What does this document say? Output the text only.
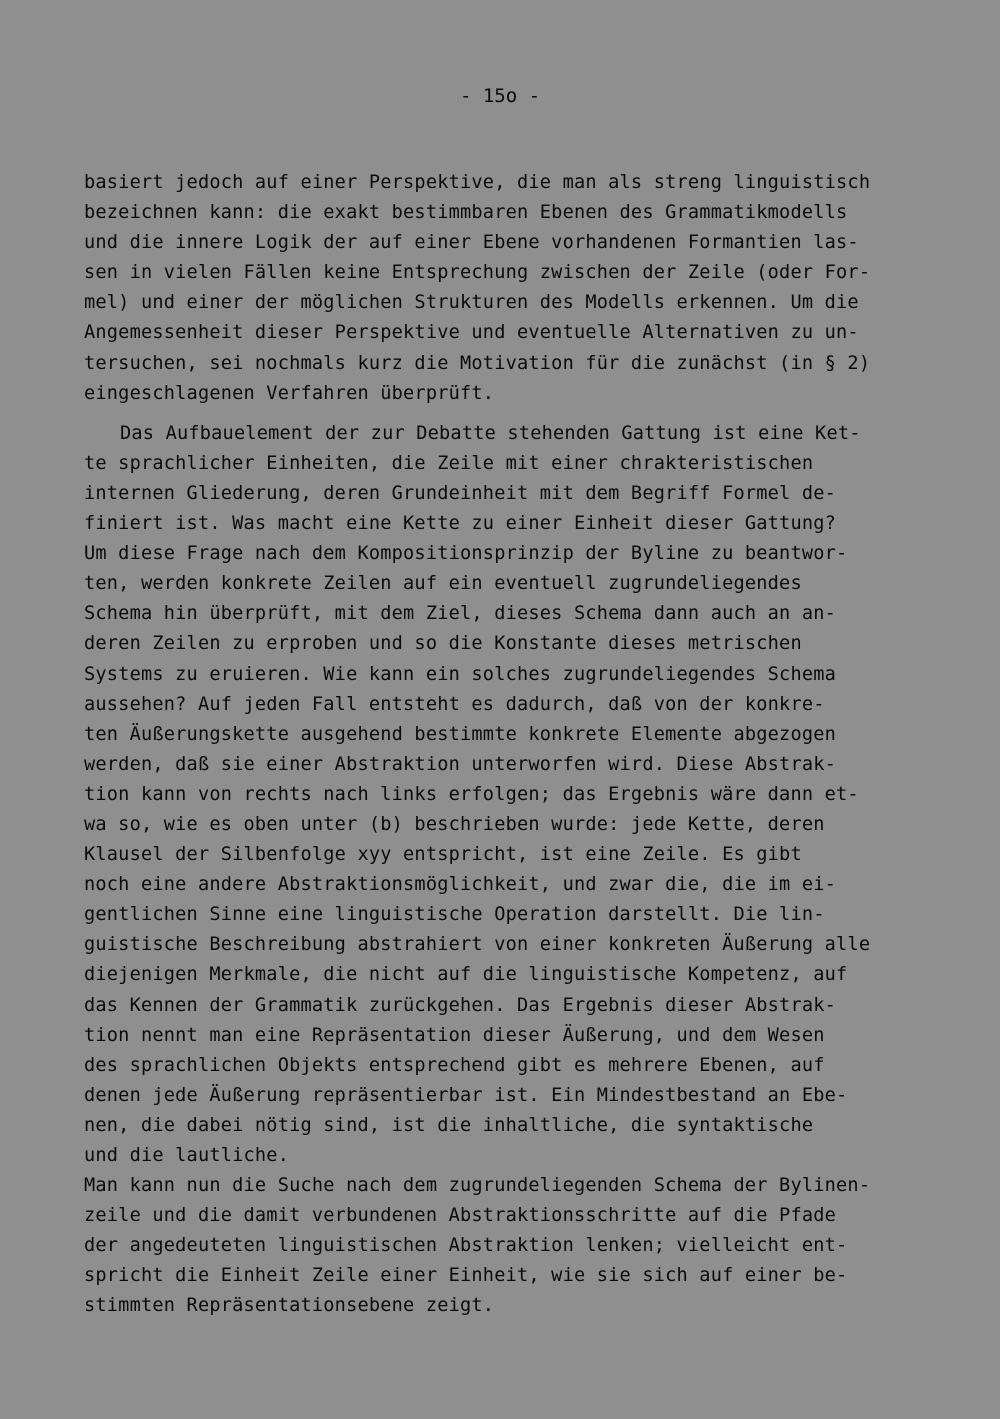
- 15o -
basiert jedoch auf einer Perspektive, die man als streng linguistisch
bezeichnen kann: die exakt bestimmbaren Ebenen des Grammatikmodells
und die innere Logik der auf einer Ebene vorhandenen Formantien las-
sen in vielen Fällen keine Entsprechung zwischen der Zeile (oder For-
mel) und einer der möglichen Strukturen des Modells erkennen. Um die
Angemessenheit dieser Perspektive und eventuelle Alternativen zu un-
tersuchen, sei nochmals kurz die Motivation für die zunächst (in § 2)
eingeschlagenen Verfahren überprüft.
Das Aufbauelement der zur Debatte stehenden Gattung ist eine Ket-
te sprachlicher Einheiten, die Zeile mit einer chrakteristischen
internen Gliederung, deren Grundeinheit mit dem Begriff Formel de-
finiert ist. Was macht eine Kette zu einer Einheit dieser Gattung?
Um diese Frage nach dem Kompositionsprinzip der Byline zu beantwor-
ten, werden konkrete Zeilen auf ein eventuell zugrundeliegendes
Schema hin überprüft, mit dem Ziel, dieses Schema dann auch an an-
deren Zeilen zu erproben und so die Konstante dieses metrischen
Systems zu eruieren. Wie kann ein solches zugrundeliegendes Schema
aussehen? Auf jeden Fall entsteht es dadurch, daß von der konkre-
ten Äußerungskette ausgehend bestimmte konkrete Elemente abgezogen
werden, daß sie einer Abstraktion unterworfen wird. Diese Abstrak-
tion kann von rechts nach links erfolgen; das Ergebnis wäre dann et-
wa so, wie es oben unter (b) beschrieben wurde: jede Kette, deren
Klausel der Silbenfolge xyy entspricht, ist eine Zeile. Es gibt
noch eine andere Abstraktionsmöglichkeit, und zwar die, die im ei-
gentlichen Sinne eine linguistische Operation darstellt. Die lin-
guistische Beschreibung abstrahiert von einer konkreten Äußerung alle
diejenigen Merkmale, die nicht auf die linguistische Kompetenz, auf
das Kennen der Grammatik zurückgehen. Das Ergebnis dieser Abstrak-
tion nennt man eine Repräsentation dieser Äußerung, und dem Wesen
des sprachlichen Objekts entsprechend gibt es mehrere Ebenen, auf
denen jede Äußerung repräsentierbar ist. Ein Mindestbestand an Ebe-
nen, die dabei nötig sind, ist die inhaltliche, die syntaktische
und die lautliche.
Man kann nun die Suche nach dem zugrundeliegenden Schema der Bylinen-
zeile und die damit verbundenen Abstraktionsschritte auf die Pfade
der angedeuteten linguistischen Abstraktion lenken; vielleicht ent-
spricht die Einheit Zeile einer Einheit, wie sie sich auf einer be-
stimmten Repräsentationsebene zeigt.
